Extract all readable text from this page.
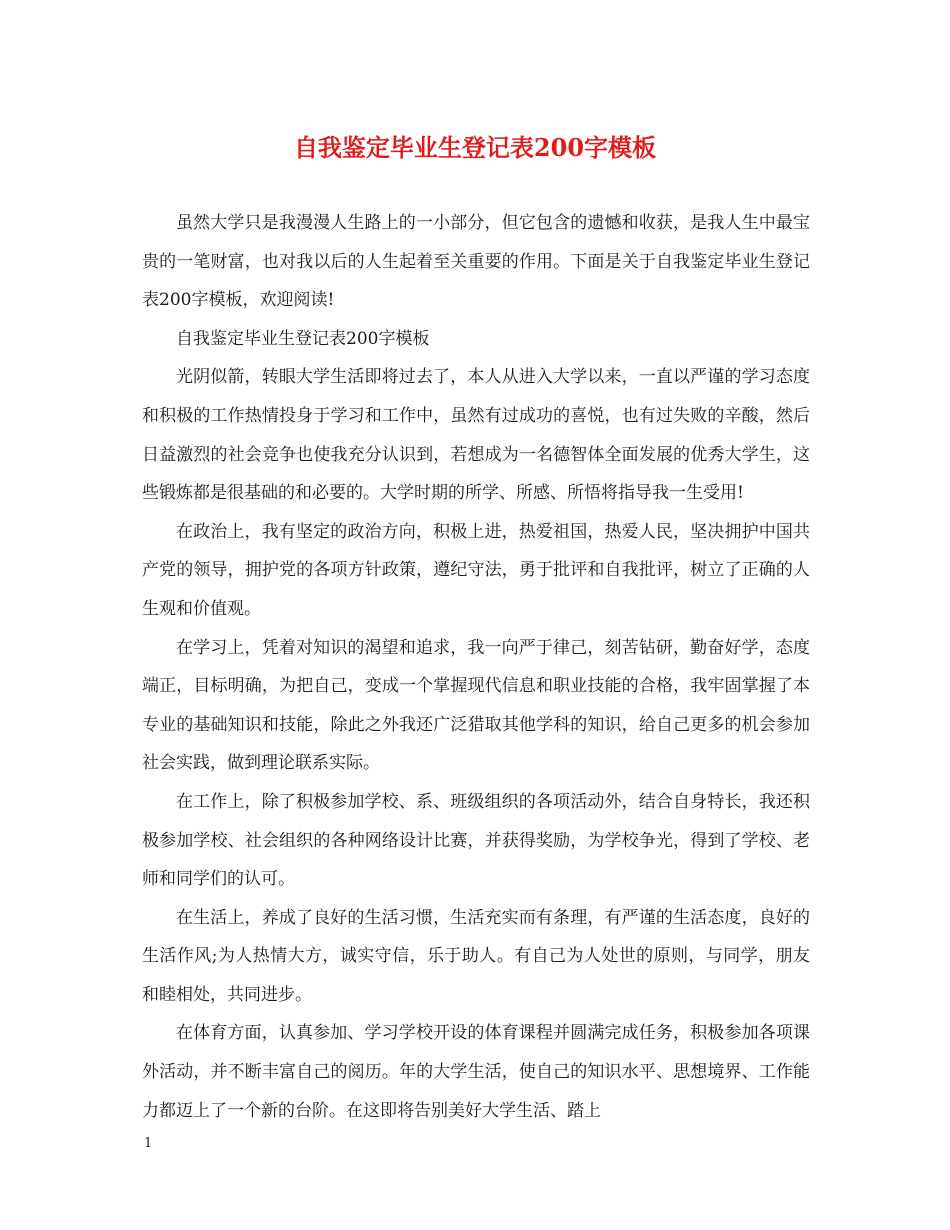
自我鉴定毕业生登记表200字模板

虽然大学只是我漫漫人生路上的一小部分，但它包含的遗憾和收获，是我人生中最宝贵的一笔财富，也对我以后的人生起着至关重要的作用。下面是关于自我鉴定毕业生登记表200字模板，欢迎阅读!

自我鉴定毕业生登记表200字模板

光阴似箭，转眼大学生活即将过去了，本人从进入大学以来，一直以严谨的学习态度和积极的工作热情投身于学习和工作中，虽然有过成功的喜悦，也有过失败的辛酸，然后日益激烈的社会竞争也使我充分认识到，若想成为一名德智体全面发展的优秀大学生，这些锻炼都是很基础的和必要的。大学时期的所学、所感、所悟将指导我一生受用!

在政治上，我有坚定的政治方向，积极上进，热爱祖国，热爱人民，坚决拥护中国共产党的领导，拥护党的各项方针政策，遵纪守法，勇于批评和自我批评，树立了正确的人生观和价值观。

在学习上，凭着对知识的渴望和追求，我一向严于律己，刻苦钻研，勤奋好学，态度端正，目标明确，为把自己，变成一个掌握现代信息和职业技能的合格，我牢固掌握了本专业的基础知识和技能，除此之外我还广泛猎取其他学科的知识，给自己更多的机会参加社会实践，做到理论联系实际。

在工作上，除了积极参加学校、系、班级组织的各项活动外，结合自身特长，我还积极参加学校、社会组织的各种网络设计比赛，并获得奖励，为学校争光，得到了学校、老师和同学们的认可。

在生活上，养成了良好的生活习惯，生活充实而有条理，有严谨的生活态度，良好的生活作风;为人热情大方，诚实守信，乐于助人。有自己为人处世的原则，与同学，朋友和睦相处，共同进步。

在体育方面，认真参加、学习学校开设的体育课程并圆满完成任务，积极参加各项课外活动，并不断丰富自己的阅历。年的大学生活，使自己的知识水平、思想境界、工作能力都迈上了一个新的台阶。在这即将告别美好大学生活、踏上

1
